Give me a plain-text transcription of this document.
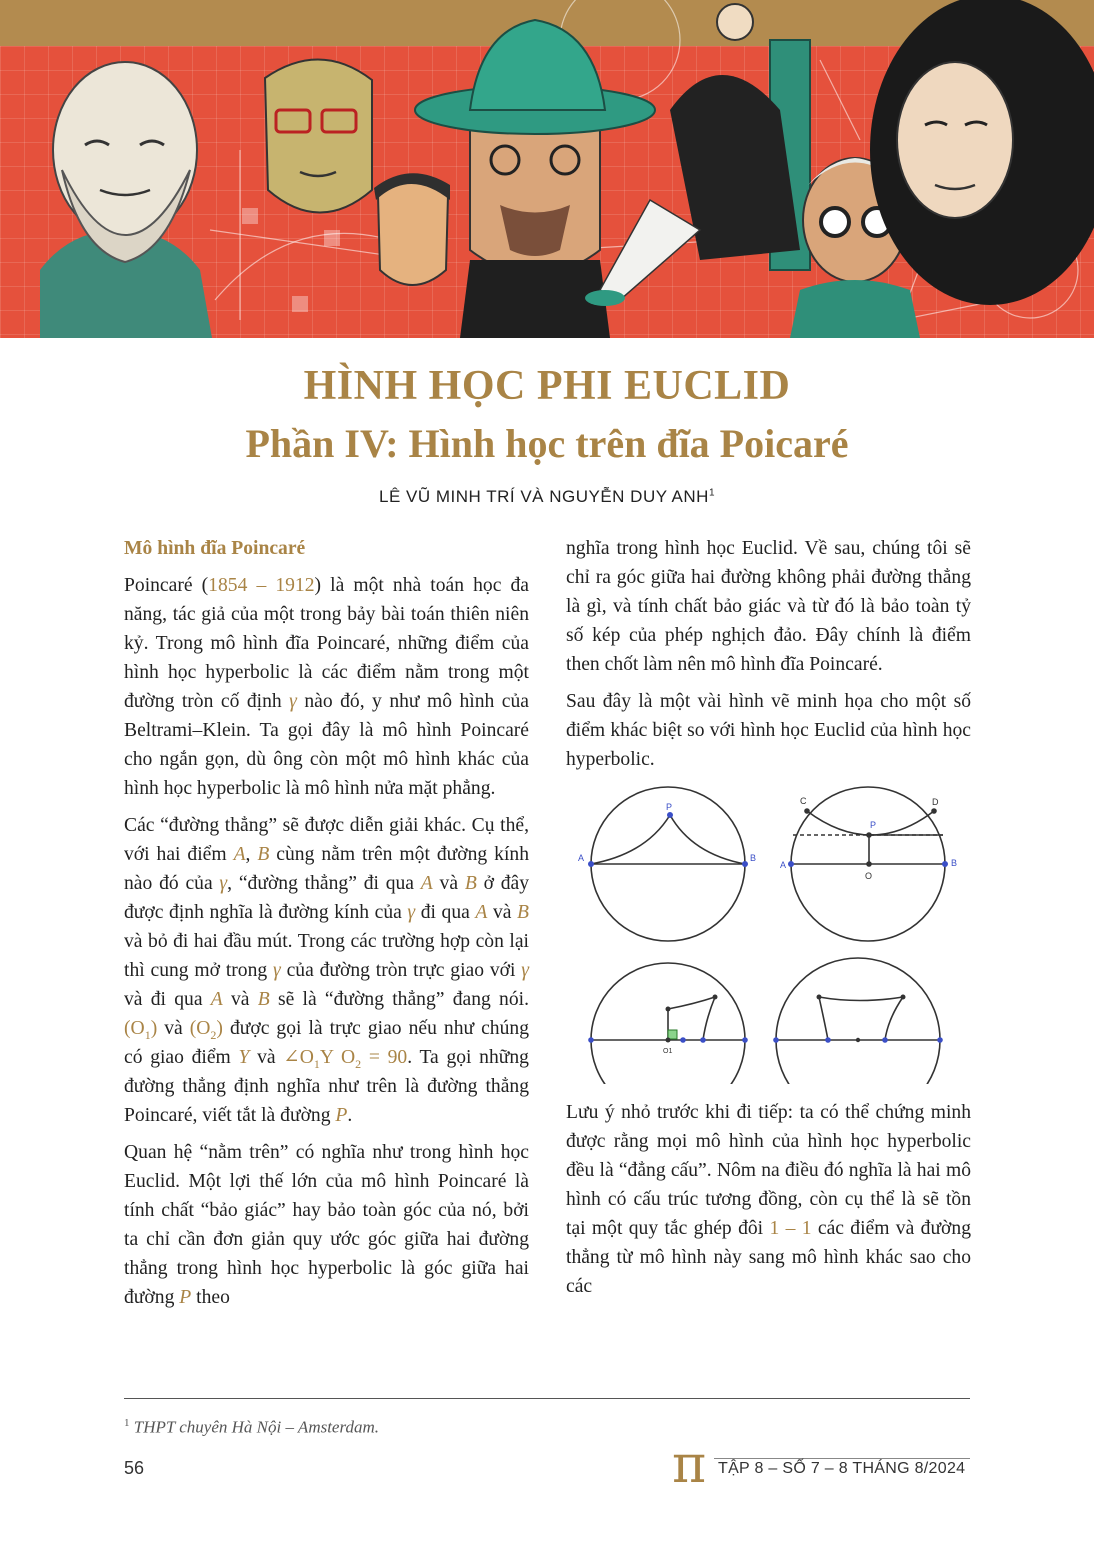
HÌNH HỌC PHI EUCLID
Phần IV: Hình học trên đĩa Poicaré
LÊ VŨ MINH TRÍ VÀ NGUYỄN DUY ANH$^1$
Mô hình đĩa Poincaré

Poincaré (1854 – 1912) là một nhà toán học đa năng, tác giả của một trong bảy bài toán thiên niên kỷ. Trong mô hình đĩa Poincaré, những điểm của hình học hyperbolic là các điểm nằm trong một đường tròn cố định γ nào đó, y như mô hình của Beltrami–Klein. Ta gọi đây là mô hình Poincaré cho ngắn gọn, dù ông còn một mô hình khác của hình học hyperbolic là mô hình nửa mặt phẳng.

Các “đường thẳng” sẽ được diễn giải khác. Cụ thể, với hai điểm A, B cùng nằm trên một đường kính nào đó của γ, “đường thẳng” đi qua A và B ở đây được định nghĩa là đường kính của γ đi qua A và B và bỏ đi hai đầu mút. Trong các trường hợp còn lại thì cung mở trong γ của đường tròn trực giao với γ và đi qua A và B sẽ là “đường thẳng” đang nói. $(O_1)$ và $(O_2)$ được gọi là trực giao nếu như chúng có giao điểm Y và $\angle O_1Y$ $O_2 = 90$. Ta gọi những đường thẳng định nghĩa như trên là đường thẳng Poincaré, viết tắt là đường P.

Quan hệ “nằm trên” có nghĩa như trong hình học Euclid. Một lợi thế lớn của mô hình Poincaré là tính chất “bảo giác” hay bảo toàn góc của nó, bởi ta chỉ cần đơn giản quy ước góc giữa hai đường thẳng trong hình học hyperbolic là góc giữa hai đường P theo

nghĩa trong hình học Euclid. Về sau, chúng tôi sẽ chỉ ra góc giữa hai đường không phải đường thẳng là gì, và tính chất bảo giác và từ đó là bảo toàn tỷ số kép của phép nghịch đảo. Đây chính là điểm then chốt làm nên mô hình đĩa Poincaré.

Sau đây là một vài hình vẽ minh họa cho một số điểm khác biệt so với hình học Euclid của hình học hyperbolic.

P
A	B
C	D
P
A	B
O
O1

Lưu ý nhỏ trước khi đi tiếp: ta có thể chứng minh được rằng mọi mô hình của hình học hyperbolic đều là “đẳng cấu”. Nôm na điều đó nghĩa là hai mô hình có cấu trúc tương đồng, còn cụ thể là sẽ tồn tại một quy tắc ghép đôi 1 – 1 các điểm và đường thẳng từ mô hình này sang mô hình khác sao cho các

$^1$ THPT chuyên Hà Nội – Amsterdam.
56	π TẬP 8 – SỐ 7 – 8 THÁNG 8/2024
